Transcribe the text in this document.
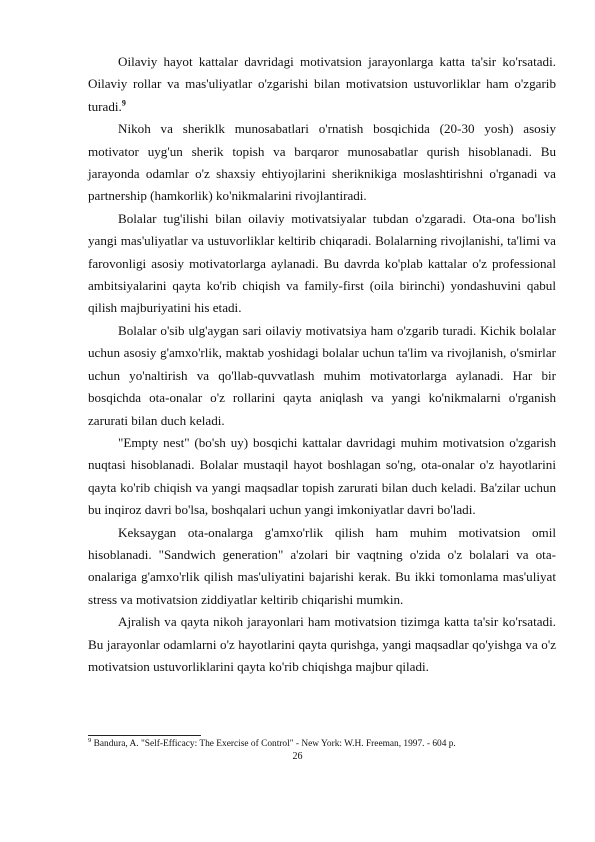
Oilaviy hayot kattalar davridagi motivatsion jarayonlarga katta ta'sir ko'rsatadi. Oilaviy rollar va mas'uliyatlar o'zgarishi bilan motivatsion ustuvorliklar ham o'zgarib turadi.$^9$

Nikoh va sheriklk munosabatlari o'rnatish bosqichida (20-30 yosh) asosiy motivator uyg'un sherik topish va barqaror munosabatlar qurish hisoblanadi. Bu jarayonda odamlar o'z shaxsiy ehtiyojlarini sheriknikiga moslashtirishni o'rganadi va partnership (hamkorlik) ko'nikmalarini rivojlantiradi.

Bolalar tug'ilishi bilan oilaviy motivatsiyalar tubdan o'zgaradi. Ota-ona bo'lish yangi mas'uliyatlar va ustuvorliklar keltirib chiqaradi. Bolalarning rivojlanishi, ta'limi va farovonligi asosiy motivatorlarga aylanadi. Bu davrda ko'plab kattalar o'z professional ambitsiyalarini qayta ko'rib chiqish va family-first (oila birinchi) yondashuvini qabul qilish majburiyatini his etadi.

Bolalar o'sib ulg'aygan sari oilaviy motivatsiya ham o'zgarib turadi. Kichik bolalar uchun asosiy g'amxo'rlik, maktab yoshidagi bolalar uchun ta'lim va rivojlanish, o'smirlar uchun yo'naltirish va qo'llab-quvvatlash muhim motivatorlarga aylanadi. Har bir bosqichda ota-onalar o'z rollarini qayta aniqlash va yangi ko'nikmalarni o'rganish zarurati bilan duch keladi.

"Empty nest" (bo'sh uy) bosqichi kattalar davridagi muhim motivatsion o'zgarish nuqtasi hisoblanadi. Bolalar mustaqil hayot boshlagan so'ng, ota-onalar o'z hayotlarini qayta ko'rib chiqish va yangi maqsadlar topish zarurati bilan duch keladi. Ba'zilar uchun bu inqiroz davri bo'lsa, boshqalari uchun yangi imkoniyatlar davri bo'ladi.

Keksaygan ota-onalarga g'amxo'rlik qilish ham muhim motivatsion omil hisoblanadi. "Sandwich generation" a'zolari bir vaqtning o'zida o'z bolalari va ota-onalariga g'amxo'rlik qilish mas'uliyatini bajarishi kerak. Bu ikki tomonlama mas'uliyat stress va motivatsion ziddiyatlar keltirib chiqarishi mumkin.

Ajralish va qayta nikoh jarayonlari ham motivatsion tizimga katta ta'sir ko'rsatadi. Bu jarayonlar odamlarni o'z hayotlarini qayta qurishga, yangi maqsadlar qo'yishga va o'z motivatsion ustuvorliklarini qayta ko'rib chiqishga majbur qiladi.

$^9$ Bandura, A. "Self-Efficacy: The Exercise of Control" - New York: W.H. Freeman, 1997. - 604 p.
26
